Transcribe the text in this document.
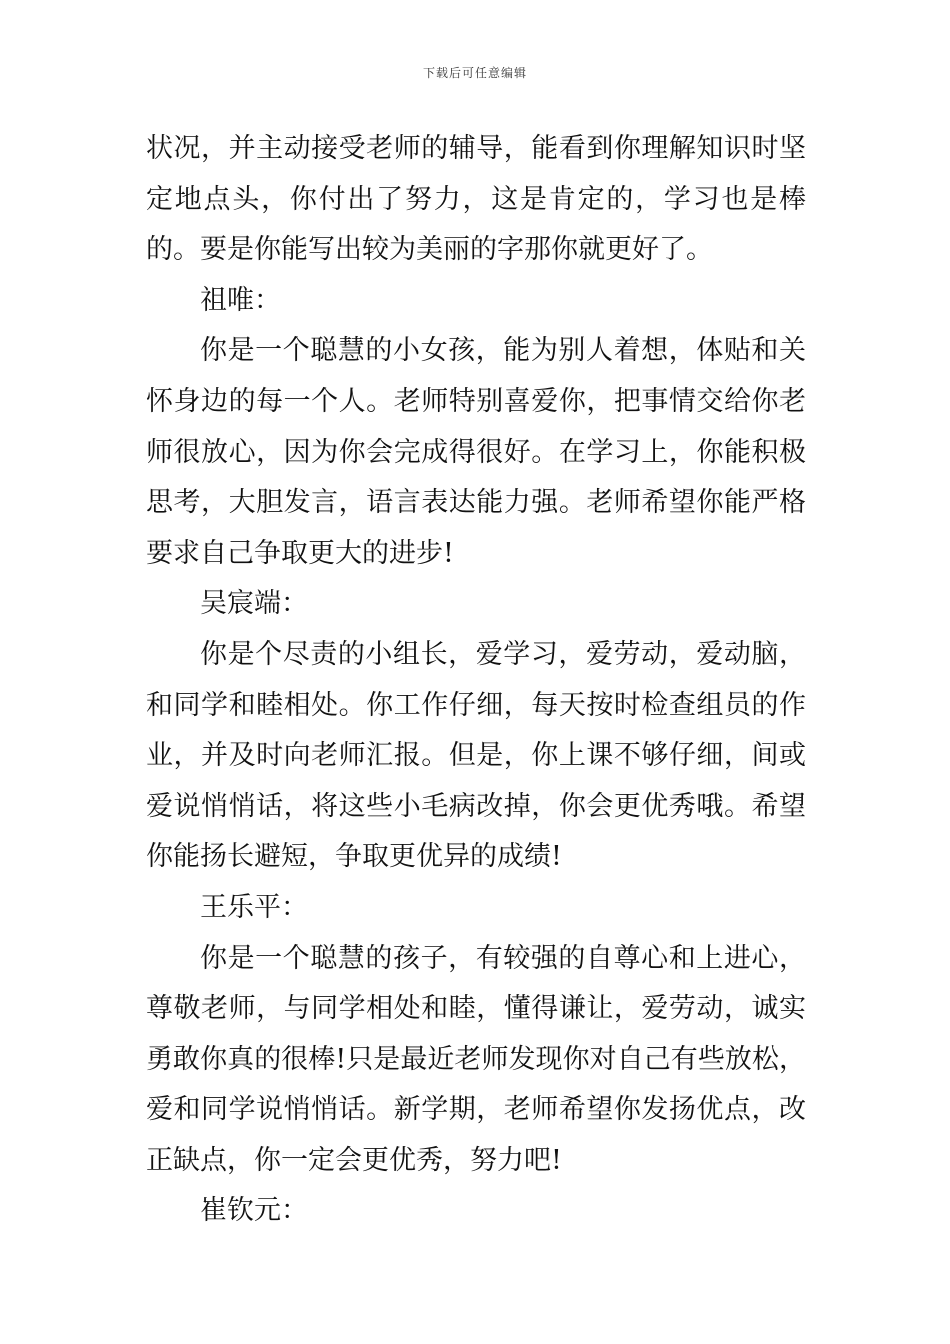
下载后可任意编辑

状况，并主动接受老师的辅导，能看到你理解知识时坚定地点头，你付出了努力，这是肯定的，学习也是棒的。要是你能写出较为美丽的字那你就更好了。

祖唯：

你是一个聪慧的小女孩，能为别人着想，体贴和关怀身边的每一个人。老师特别喜爱你，把事情交给你老师很放心，因为你会完成得很好。在学习上，你能积极思考，大胆发言，语言表达能力强。老师希望你能严格要求自己争取更大的进步!

吴宸端：

你是个尽责的小组长，爱学习，爱劳动，爱动脑，和同学和睦相处。你工作仔细，每天按时检查组员的作业，并及时向老师汇报。但是，你上课不够仔细，间或爱说悄悄话，将这些小毛病改掉，你会更优秀哦。希望你能扬长避短，争取更优异的成绩!

王乐平：

你是一个聪慧的孩子，有较强的自尊心和上进心，尊敬老师，与同学相处和睦，懂得谦让，爱劳动，诚实勇敢你真的很棒!只是最近老师发现你对自己有些放松，爱和同学说悄悄话。新学期，老师希望你发扬优点，改正缺点，你一定会更优秀，努力吧!

崔钦元：
